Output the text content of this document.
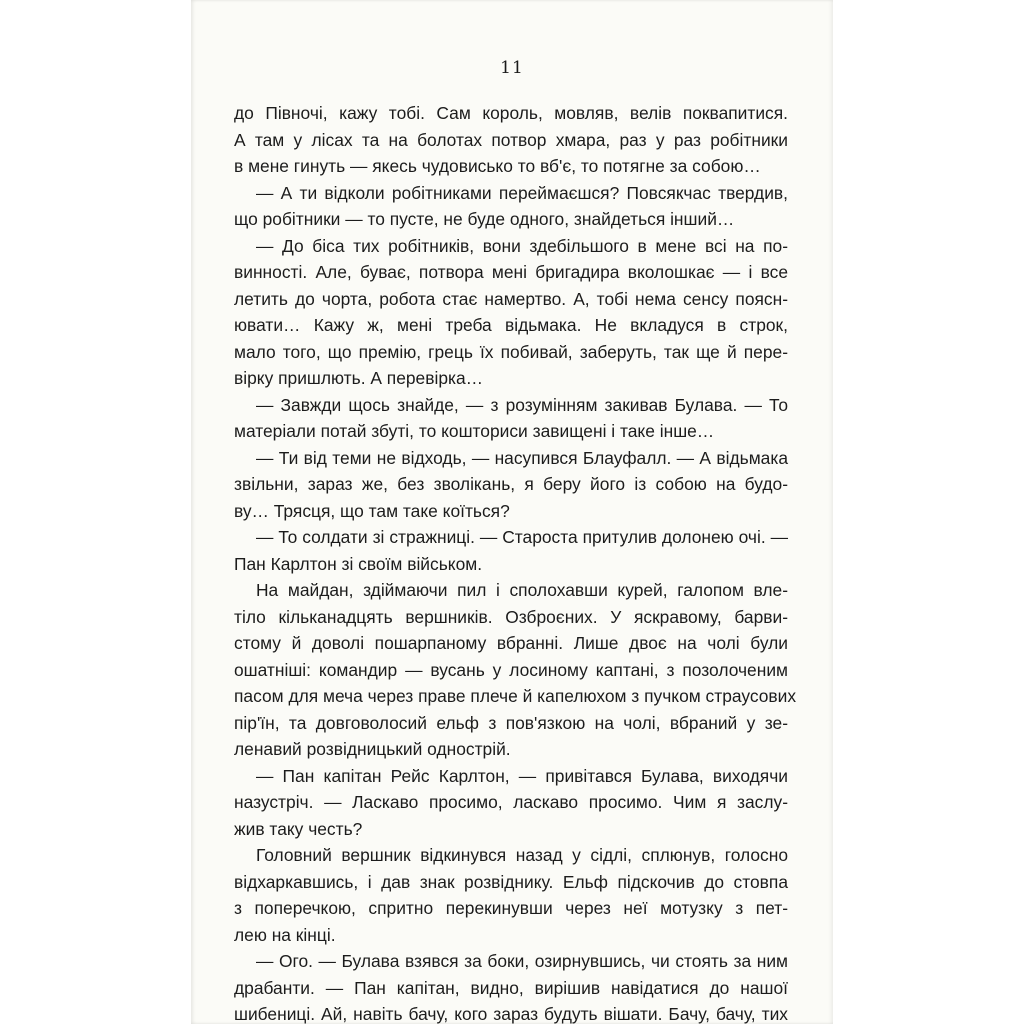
11
до Півночі, кажу тобі. Сам король, мовляв, велів поквапитися.
А там у лісах та на болотах потвор хмара, раз у раз робітники
в мене гинуть — якесь чудовисько то вб'є, то потягне за собою…
— А ти відколи робітниками переймаєшся? Повсякчас твердив,
що робітники — то пусте, не буде одного, знайдеться інший…
— До біса тих робітників, вони здебільшого в мене всі на по-
винності. Але, буває, потвора мені бригадира вколошкає — і все
летить до чорта, робота стає намертво. А, тобі нема сенсу поясн-
ювати… Кажу ж, мені треба відьмака. Не вкладуся в строк,
мало того, що премію, грець їх побивай, заберуть, так ще й пере-
вірку пришлють. А перевірка…
— Завжди щось знайде, — з розумінням закивав Булава. — То
матеріали потай збуті, то кошториси завищені і таке інше…
— Ти від теми не відходь, — насупився Блауфалл. — А відьмака
звільни, зараз же, без зволікань, я беру його із собою на будо-
ву… Трясця, що там таке коїться?
— То солдати зі стражниці. — Староста притулив долонею очі. —
Пан Карлтон зі своїм військом.
На майдан, здіймаючи пил і сполохавши курей, галопом вле-
тіло кільканадцять вершників. Озброєних. У яскравому, барви-
стому й доволі пошарпаному вбранні. Лише двоє на чолі були
ошатніші: командир — вусань у лосиному каптані, з позолоченим
пасом для меча через праве плече й капелюхом з пучком страусових
пір'їн, та довговолосий ельф з пов'язкою на чолі, вбраний у зе-
ленавий розвідницький однострій.
— Пан капітан Рейс Карлтон, — привітався Булава, виходячи
назустріч. — Ласкаво просимо, ласкаво просимо. Чим я заслу-
жив таку честь?
Головний вершник відкинувся назад у сідлі, сплюнув, голосно
відхаркавшись, і дав знак розвіднику. Ельф підскочив до стовпа
з поперечкою, спритно перекинувши через неї мотузку з пет-
лею на кінці.
— Ого. — Булава взявся за боки, озирнувшись, чи стоять за ним
драбанти. — Пан капітан, видно, вирішив навідатися до нашої
шибениці. Ай, навіть бачу, кого зараз будуть вішати. Бачу, бачу, тих
